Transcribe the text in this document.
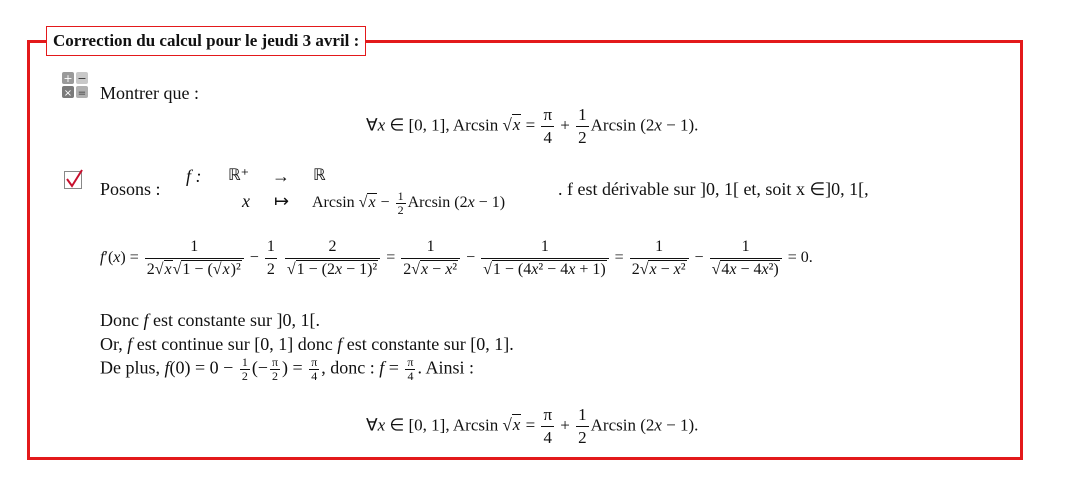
Correction du calcul pour le jeudi 3 avril :
+ −
× = Montrer que :
∀x ∈ [0, 1], Arcsin $√x = \frac{\pi}{4} + \frac{1}{2}$ Arcsin (2x − 1).
Posons :
f : ℝ⁺ → ℝ
x ↦ Arcsin $√x - \frac{1}{2}$ Arcsin (2x − 1)
. f est dérivable sur ]0, 1[ et, soit x ∈]0, 1[,
$f'(x) = \frac{1}{\text{2√x√1 − (√x)²}} - \frac{1}{2}$
$\frac{2}{\text{√1 − (2x − 1)²}} = \frac{1}{\text{2√x − x²}} - \frac{1}{\text{√1 − (4x² − 4x + 1)}} = \frac{1}{\text{2√x − x²}} - \frac{1}{\text{√4x − 4x²)}} = 0$.
Donc f est constante sur ]0, 1[.
Or, f est continue sur [0, 1] donc f est constante sur [0, 1].
De plus, $f(0) = 0 - \frac{1}{2}$ (− $\frac{\pi}{2}$ ) = $\frac{\pi}{4}$ , donc : $f = \frac{\pi}{4}$ . Ainsi :
∀x ∈ [0, 1], Arcsin $√x = \frac{\pi}{4} + \frac{1}{2}$ Arcsin (2x − 1).
